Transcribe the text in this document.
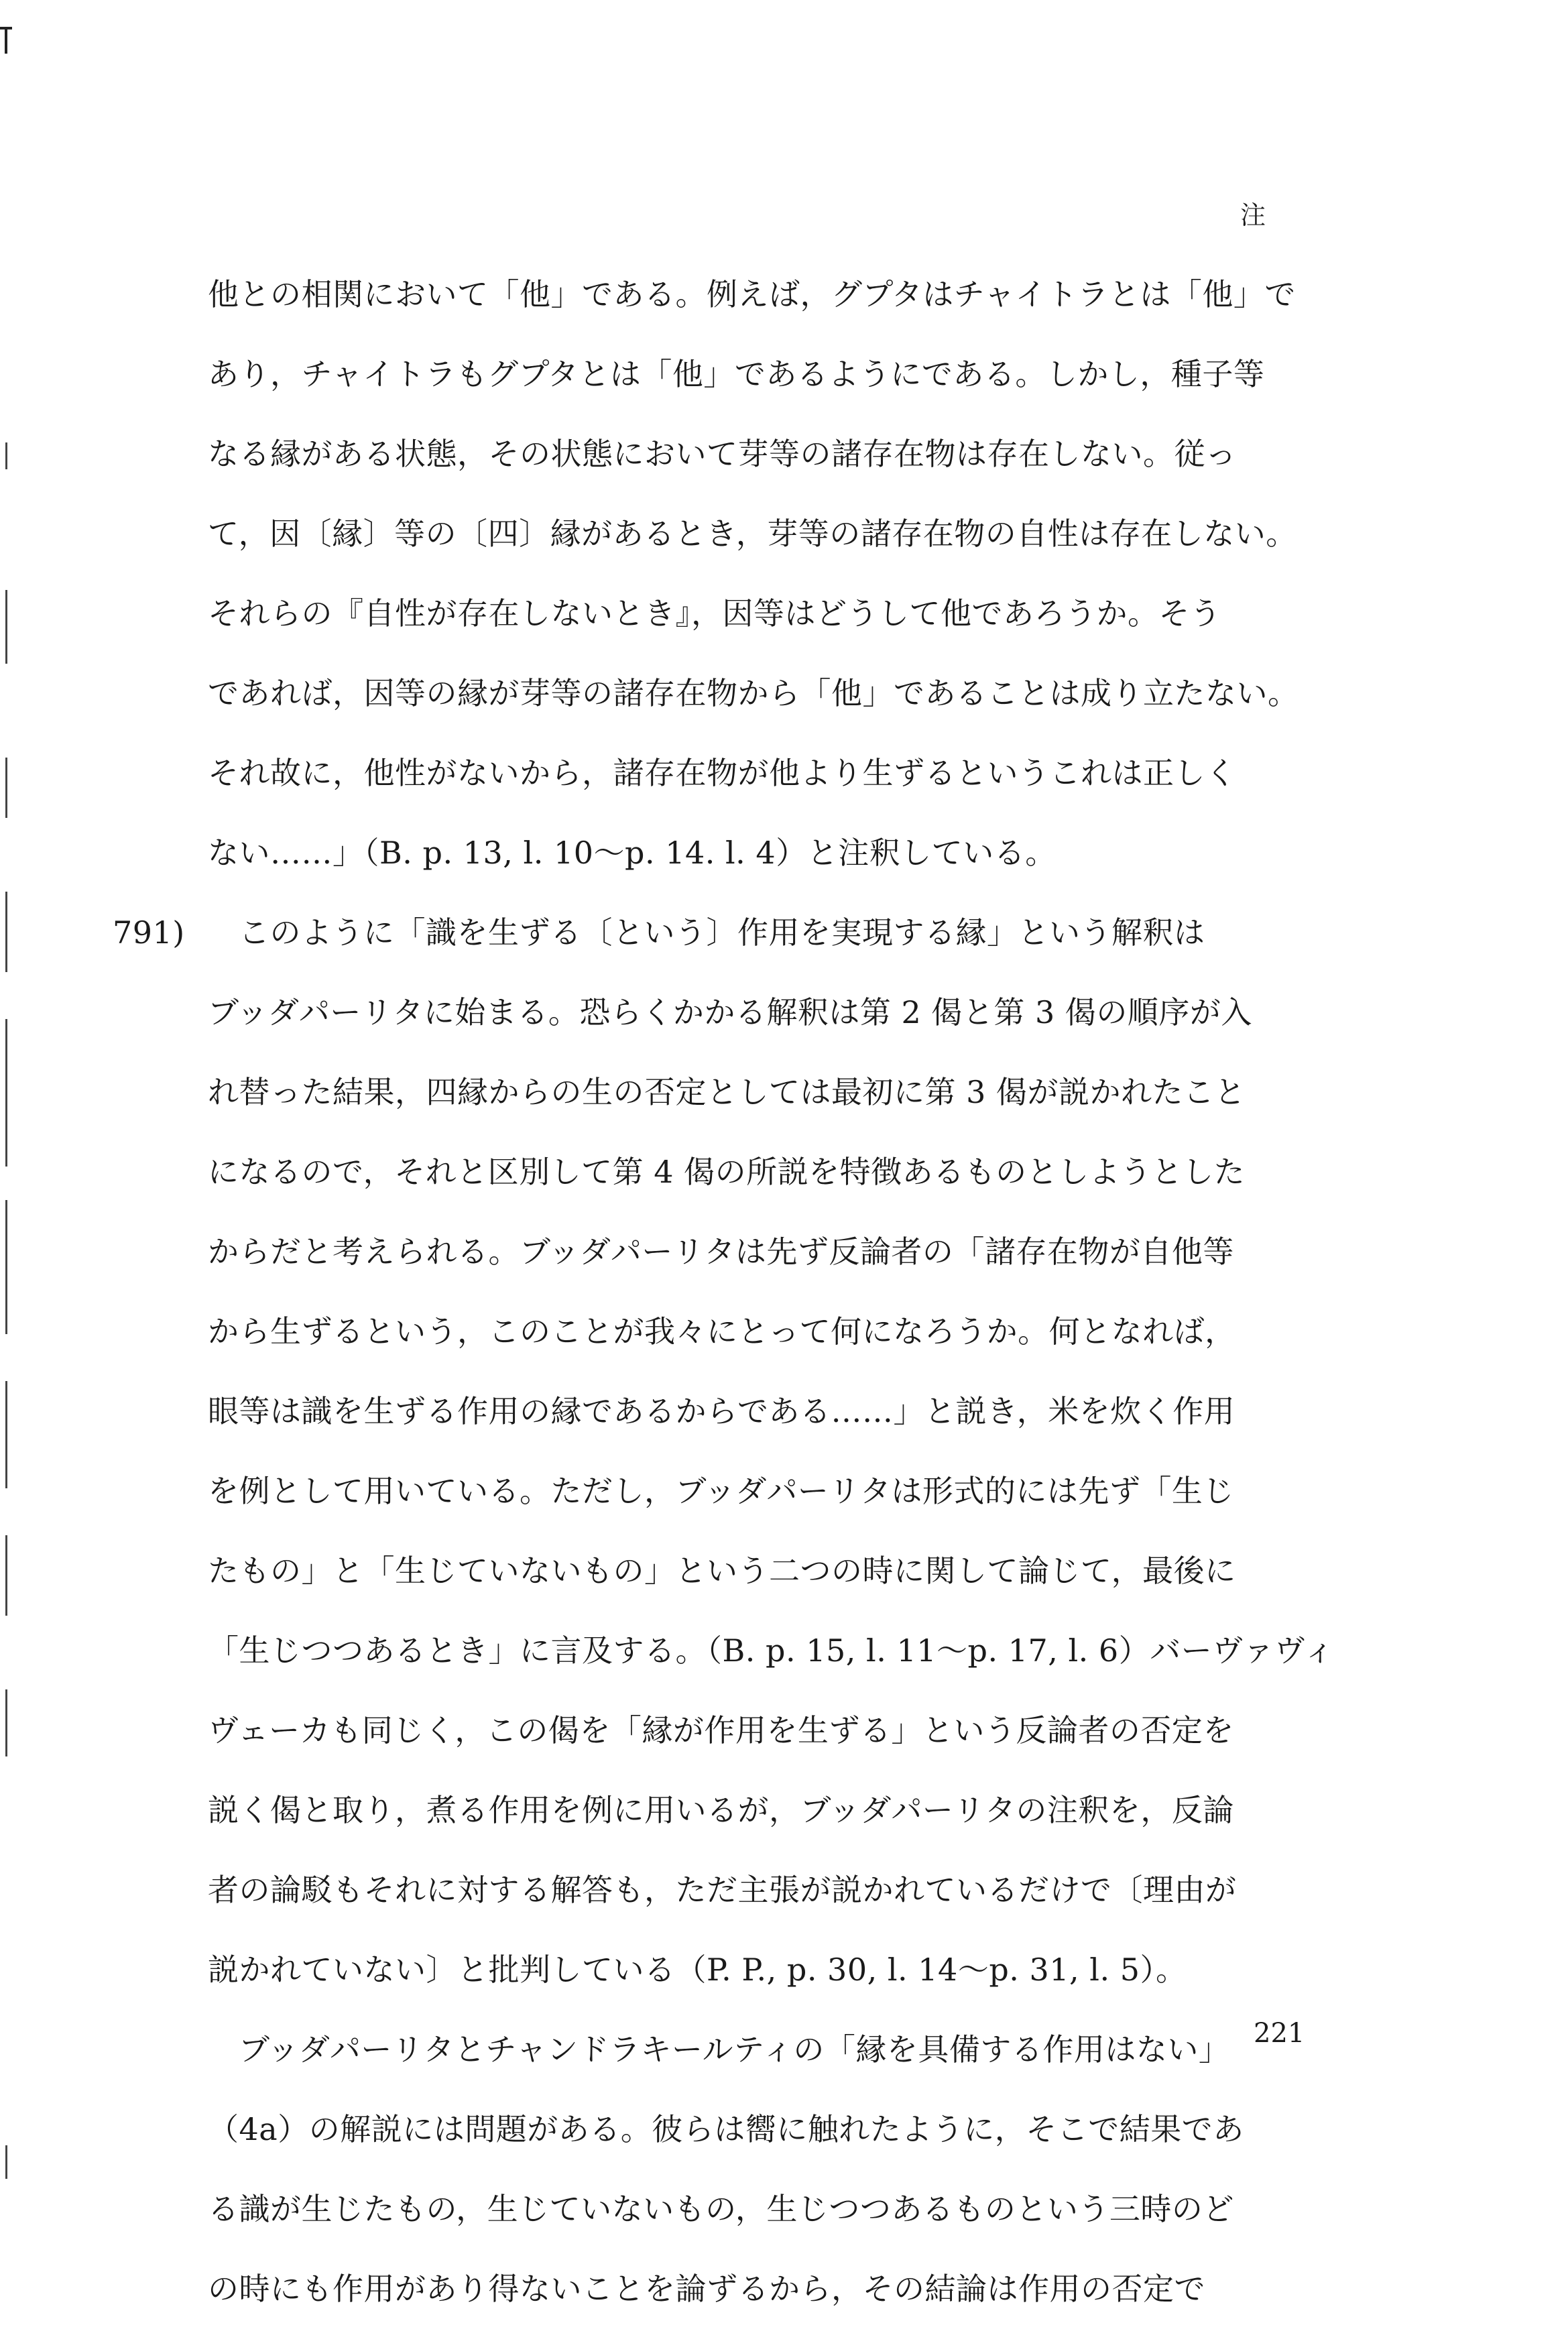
注
他との相関において「他」である。例えば，グプタはチャイトラとは「他」で
あり，チャイトラもグプタとは「他」であるようにである。しかし，種子等
なる縁がある状態，その状態において芽等の諸存在物は存在しない。従っ
て，因〔縁〕等の〔四〕縁があるとき，芽等の諸存在物の自性は存在しない。
それらの『自性が存在しないとき』，因等はどうして他であろうか。そう
であれば，因等の縁が芽等の諸存在物から「他」であることは成り立たない。
それ故に，他性がないから，諸存在物が他より生ずるというこれは正しく
ない……」（B. p. 13, l. 10〜p. 14. l. 4）と注釈している。
791) このように「識を生ずる〔という〕作用を実現する縁」という解釈は
ブッダパーリタに始まる。恐らくかかる解釈は第 2 偈と第 3 偈の順序が入
れ替った結果，四縁からの生の否定としては最初に第 3 偈が説かれたこと
になるので，それと区別して第 4 偈の所説を特徴あるものとしようとした
からだと考えられる。ブッダパーリタは先ず反論者の「諸存在物が自他等
から生ずるという，このことが我々にとって何になろうか。何となれば，
眼等は識を生ずる作用の縁であるからである……」と説き，米を炊く作用
を例として用いている。ただし，ブッダパーリタは形式的には先ず「生じ
たもの」と「生じていないもの」という二つの時に関して論じて，最後に
「生じつつあるとき」に言及する。（B. p. 15, l. 11〜p. 17, l. 6）バーヴァヴィ
ヴェーカも同じく，この偈を「縁が作用を生ずる」という反論者の否定を
説く偈と取り，煮る作用を例に用いるが，ブッダパーリタの注釈を，反論
者の論駁もそれに対する解答も，ただ主張が説かれているだけで〔理由が
説かれていない〕と批判している（P. P., p. 30, l. 14〜p. 31, l. 5）。
ブッダパーリタとチャンドラキールティの「縁を具備する作用はない」
（4a）の解説には問題がある。彼らは嚮に触れたように，そこで結果であ
る識が生じたもの，生じていないもの，生じつつあるものという三時のど
の時にも作用があり得ないことを論ずるから，その結論は作用の否定で
221
